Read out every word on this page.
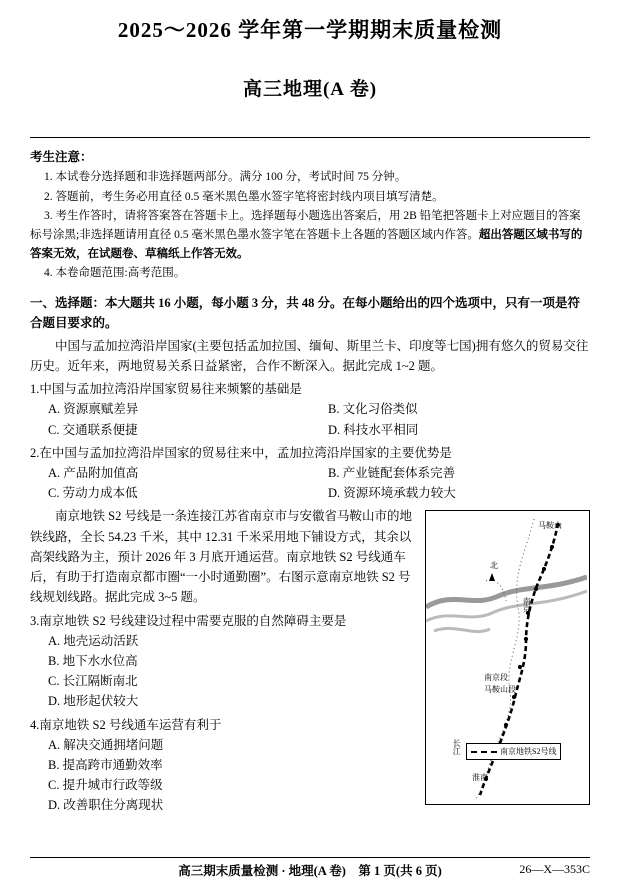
2025～2026 学年第一学期期末质量检测
高三地理(A 卷)
考生注意：
1. 本试卷分选择题和非选择题两部分。满分 100 分，考试时间 75 分钟。
2. 答题前，考生务必用直径 0.5 毫米黑色墨水签字笔将密封线内项目填写清楚。
3. 考生作答时，请将答案答在答题卡上。选择题每小题选出答案后，用 2B 铅笔把答题卡上对应题目的答案标号涂黑;非选择题请用直径 0.5 毫米黑色墨水签字笔在答题卡上各题的答题区域内作答。超出答题区域书写的答案无效，在试题卷、草稿纸上作答无效。
4. 本卷命题范围:高考范围。
一、选择题：本大题共 16 小题，每小题 3 分，共 48 分。在每小题给出的四个选项中，只有一项是符合题目要求的。
中国与孟加拉湾沿岸国家(主要包括孟加拉国、缅甸、斯里兰卡、印度等七国)拥有悠久的贸易交往历史。近年来，两地贸易关系日益紧密，合作不断深入。据此完成 1~2 题。
1.中国与孟加拉湾沿岸国家贸易往来频繁的基础是
A. 资源禀赋差异	B. 文化习俗类似
C. 交通联系便捷	D. 科技水平相同
2.在中国与孟加拉湾沿岸国家的贸易往来中，孟加拉湾沿岸国家的主要优势是
A. 产品附加值高	B. 产业链配套体系完善
C. 劳动力成本低	D. 资源环境承载力较大
马鞍山
南京
北
南京段
马鞍山段
长江
淮南
南京地铁S2号线
南京地铁 S2 号线是一条连接江苏省南京市与安徽省马鞍山市的地铁线路，全长 54.23 千米，其中 12.31 千米采用地下铺设方式，其余以高架线路为主，预计 2026 年 3 月底开通运营。南京地铁 S2 号线通车后，有助于打造南京都市圈“一小时通勤圈”。右图示意南京地铁 S2 号线规划线路。据此完成 3~5 题。
3.南京地铁 S2 号线建设过程中需要克服的自然障碍主要是
A. 地壳运动活跃
B. 地下水水位高
C. 长江隔断南北
D. 地形起伏较大
4.南京地铁 S2 号线通车运营有利于
A. 解决交通拥堵问题
B. 提高跨市通勤效率
C. 提升城市行政等级
D. 改善职住分离现状
高三期末质量检测 · 地理(A 卷)　第 1 页(共 6 页)	26—X—353C
